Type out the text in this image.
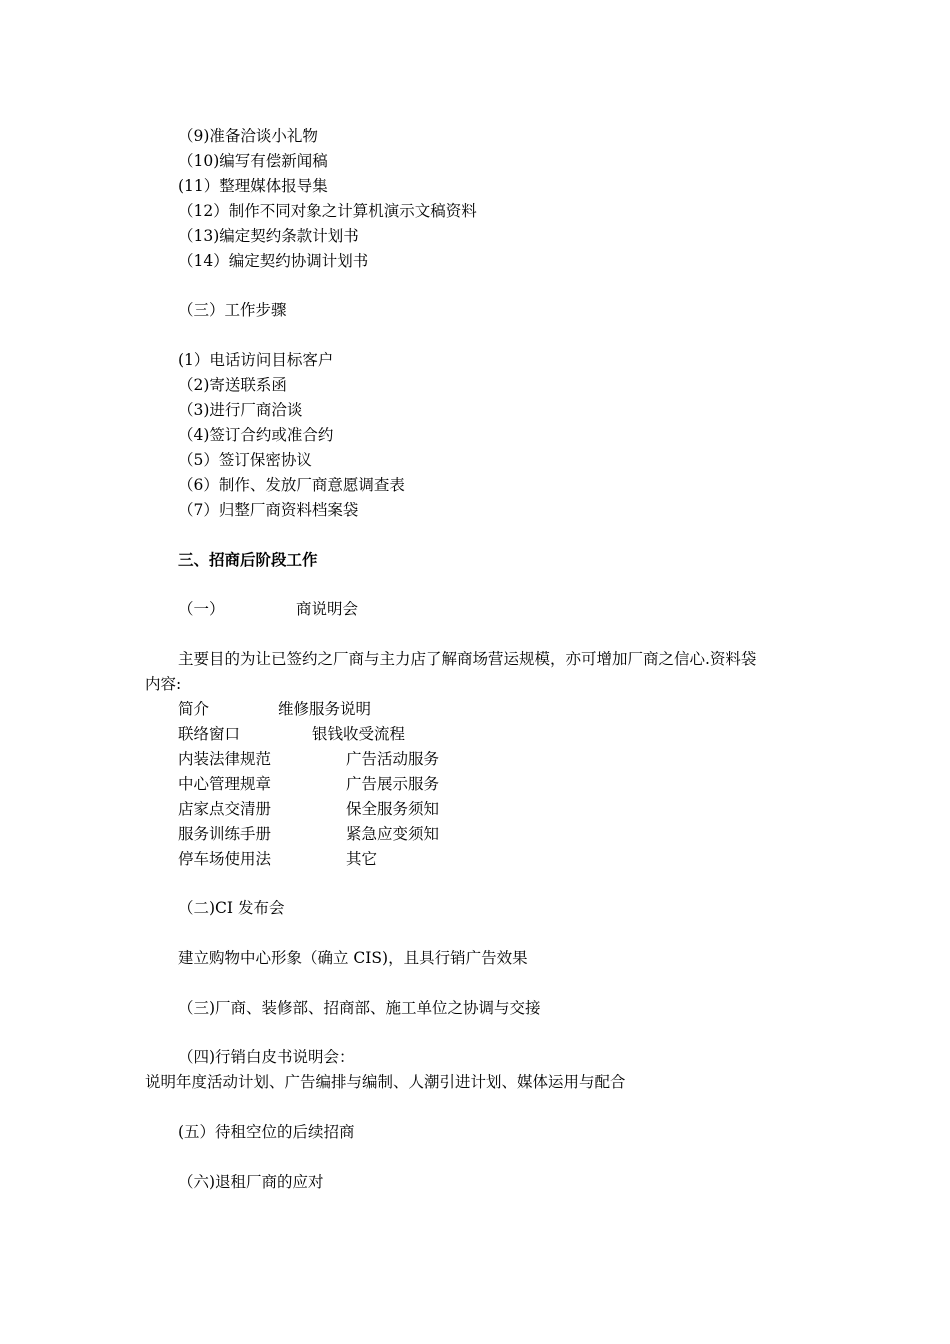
（9)准备洽谈小礼物
（10)编写有偿新闻稿
(11）整理媒体报导集
（12）制作不同对象之计算机演示文稿资料
（13)编定契约条款计划书
（14）编定契约协调计划书
（三）工作步骤
(1）电话访问目标客户
（2)寄送联系函
（3)进行厂商洽谈
（4)签订合约或准合约
（5）签订保密协议
（6）制作、发放厂商意愿调查表
（7）归整厂商资料档案袋
三、招商后阶段工作
（一）	商说明会
主要目的为让已签约之厂商与主力店了解商场营运规模，亦可增加厂商之信心.资料袋
内容:
简介	维修服务说明
联络窗口	银钱收受流程
内装法律规范	广告活动服务
中心管理规章	广告展示服务
店家点交清册	保全服务须知
服务训练手册	紧急应变须知
停车场使用法	其它
（二)CI 发布会
建立购物中心形象（确立 CIS)，且具行销广告效果
（三)厂商、装修部、招商部、施工单位之协调与交接
（四)行销白皮书说明会：
说明年度活动计划、广告编排与编制、人潮引进计划、媒体运用与配合
(五）待租空位的后续招商
（六)退租厂商的应对
